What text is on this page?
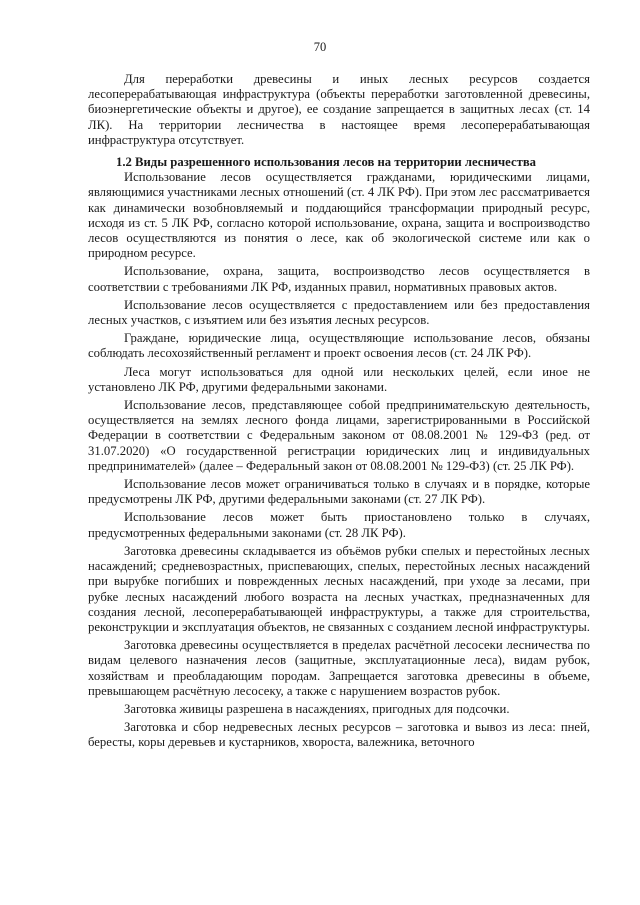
70

Для переработки древесины и иных лесных ресурсов создается лесоперерабатывающая инфраструктура (объекты переработки заготовленной древесины, биоэнергетические объекты и другое), ее создание запрещается в защитных лесах (ст. 14 ЛК). На территории лесничества в настоящее время лесоперерабатывающая инфраструктура отсутствует.

1.2 Виды разрешенного использования лесов на территории лесничества

Использование лесов осуществляется гражданами, юридическими лицами, являющимися участниками лесных отношений (ст. 4 ЛК РФ). При этом лес рассматривается как динамически возобновляемый и поддающийся трансформации природный ресурс, исходя из ст. 5 ЛК РФ, согласно которой использование, охрана, защита и воспроизводство лесов осуществляются из понятия о лесе, как об экологической системе или как о природном ресурсе.

Использование, охрана, защита, воспроизводство лесов осуществляется в соответствии с требованиями ЛК РФ, изданных правил, нормативных правовых актов.

Использование лесов осуществляется с предоставлением или без предоставления лесных участков, с изъятием или без изъятия лесных ресурсов.

Граждане, юридические лица, осуществляющие использование лесов, обязаны соблюдать лесохозяйственный регламент и проект освоения лесов (ст. 24 ЛК РФ).

Леса могут использоваться для одной или нескольких целей, если иное не установлено ЛК РФ, другими федеральными законами.

Использование лесов, представляющее собой предпринимательскую деятельность, осуществляется на землях лесного фонда лицами, зарегистрированными в Российской Федерации в соответствии с Федеральным законом от 08.08.2001 № 129-ФЗ (ред. от 31.07.2020) «О государственной регистрации юридических лиц и индивидуальных предпринимателей» (далее – Федеральный закон от 08.08.2001 № 129-ФЗ) (ст. 25 ЛК РФ).

Использование лесов может ограничиваться только в случаях и в порядке, которые предусмотрены ЛК РФ, другими федеральными законами (ст. 27 ЛК РФ).

Использование лесов может быть приостановлено только в случаях, предусмотренных федеральными законами (ст. 28 ЛК РФ).

Заготовка древесины складывается из объёмов рубки спелых и перестойных лесных насаждений; средневозрастных, приспевающих, спелых, перестойных лесных насаждений при вырубке погибших и поврежденных лесных насаждений, при уходе за лесами, при рубке лесных насаждений любого возраста на лесных участках, предназначенных для создания лесной, лесоперерабатывающей инфраструктуры, а также для строительства, реконструкции и эксплуатация объектов, не связанных с созданием лесной инфраструктуры.

Заготовка древесины осуществляется в пределах расчётной лесосеки лесничества по видам целевого назначения лесов (защитные, эксплуатационные леса), видам рубок, хозяйствам и преобладающим породам. Запрещается заготовка древесины в объеме, превышающем расчётную лесосеку, а также с нарушением возрастов рубок.

Заготовка живицы разрешена в насаждениях, пригодных для подсочки.

Заготовка и сбор недревесных лесных ресурсов – заготовка и вывоз из леса: пней, бересты, коры деревьев и кустарников, хвороста, валежника, веточного
